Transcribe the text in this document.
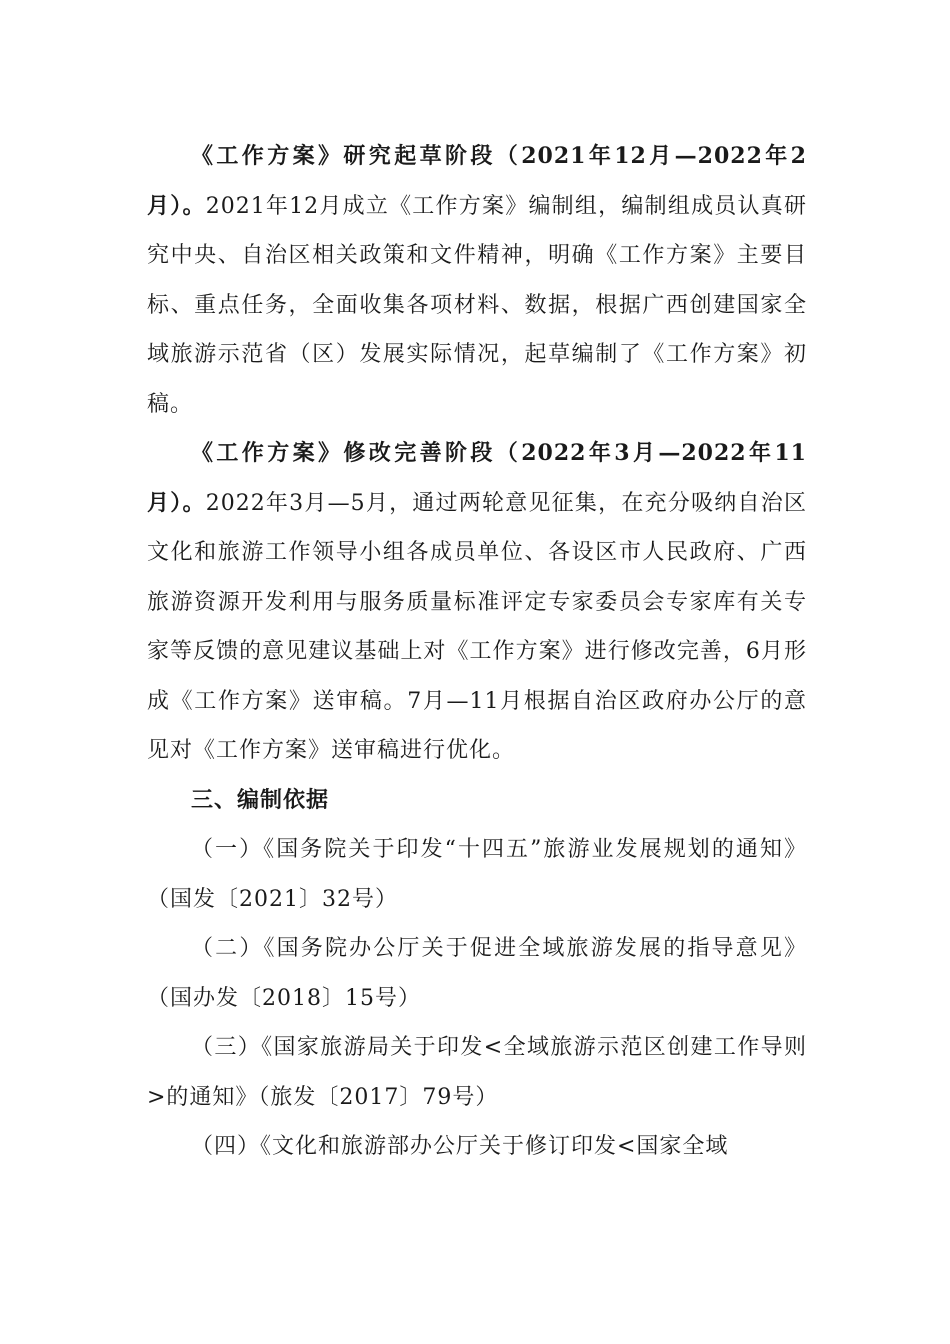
《工作方案》研究起草阶段（2021年12月—2022年2月）。2021年12月成立《工作方案》编制组，编制组成员认真研究中央、自治区相关政策和文件精神，明确《工作方案》主要目标、重点任务，全面收集各项材料、数据，根据广西创建国家全域旅游示范省（区）发展实际情况，起草编制了《工作方案》初稿。

《工作方案》修改完善阶段（2022年3月—2022年11月）。2022年3月—5月，通过两轮意见征集，在充分吸纳自治区文化和旅游工作领导小组各成员单位、各设区市人民政府、广西旅游资源开发利用与服务质量标准评定专家委员会专家库有关专家等反馈的意见建议基础上对《工作方案》进行修改完善，6月形成《工作方案》送审稿。7月—11月根据自治区政府办公厅的意见对《工作方案》送审稿进行优化。

三、编制依据

（一）《国务院关于印发“十四五”旅游业发展规划的通知》（国发〔2021〕32号）

（二）《国务院办公厅关于促进全域旅游发展的指导意见》（国办发〔2018〕15号）

（三）《国家旅游局关于印发<全域旅游示范区创建工作导则>的通知》（旅发〔2017〕79号）

（四）《文化和旅游部办公厅关于修订印发<国家全域
